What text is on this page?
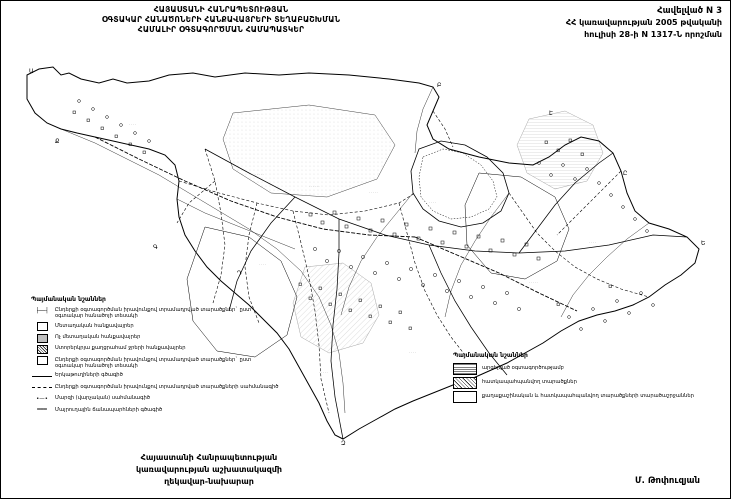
ՀԱՅԱՍՏԱՆԻ ՀԱՆՐԱՊԵՏՈՒԹՅԱՆ
ՕԳՏԱԿԱՐ ՀԱՆԱԾՈՆԵՐԻ ՀԱՆՔԱՎԱՅՐԵՐԻ ՏԵՂԱԲԱՇԽՄԱՆ
ՀԱՄԱԼԻՐ ՕԳՏԱԳՈՐԾՄԱՆ ՀԱՄԱՊԱՏԿԵՐ
Հավելված N 3
ՀՀ կառավարության 2005 թվականի
հուլիսի 28-ի N 1317-Ն որոշման
· · · · ·
· · · · · ·
· · · · ·
· · · ·
· · · · ·
· · · ·
· · · · ·
· · · ·
· · · · ·
· · · ·
· · · ·
Ա
Բ
Ք
Գ
Դ
Ե
Զ
Է
Ը
Պայմանական նշաններ
├──┤ Ընդերքի օգտագործման իրավունքով տրամադրված տարածքներ` ըստ օգտակար հանածոյի տեսակի
Մետաղական հանքավայրեր
Ոչ մետաղական հանքավայրեր
Ստորերկրյա քաղցրահամ ջրերի հանքավայրեր
Ընդերքի օգտագործման իրավունքով տրամադրված տարածքներ` ըստ օգտակար հանածոյի տեսակի
Երկաթուղիների գծագիծ
Ընդերքի օգտագործման իրավունքով տրամադրված տարածքների սահմանագիծ
•—• Մարզի (վարչական) սահմանագիծ
═══ Մայրուղային ճանապարհների գծագիծ
Պայմանական նշաններ
արգելված օգտագործությամբ
հատկապահպանվող տարածքներ
քաղաքաշինական և հատկապահպանվող տարածքների տարածաշրջաններ
Հայաստանի Հանրապետության
կառավարության աշխատակազմի
ղեկավար-նախարար	Մ. Թոփուզյան
